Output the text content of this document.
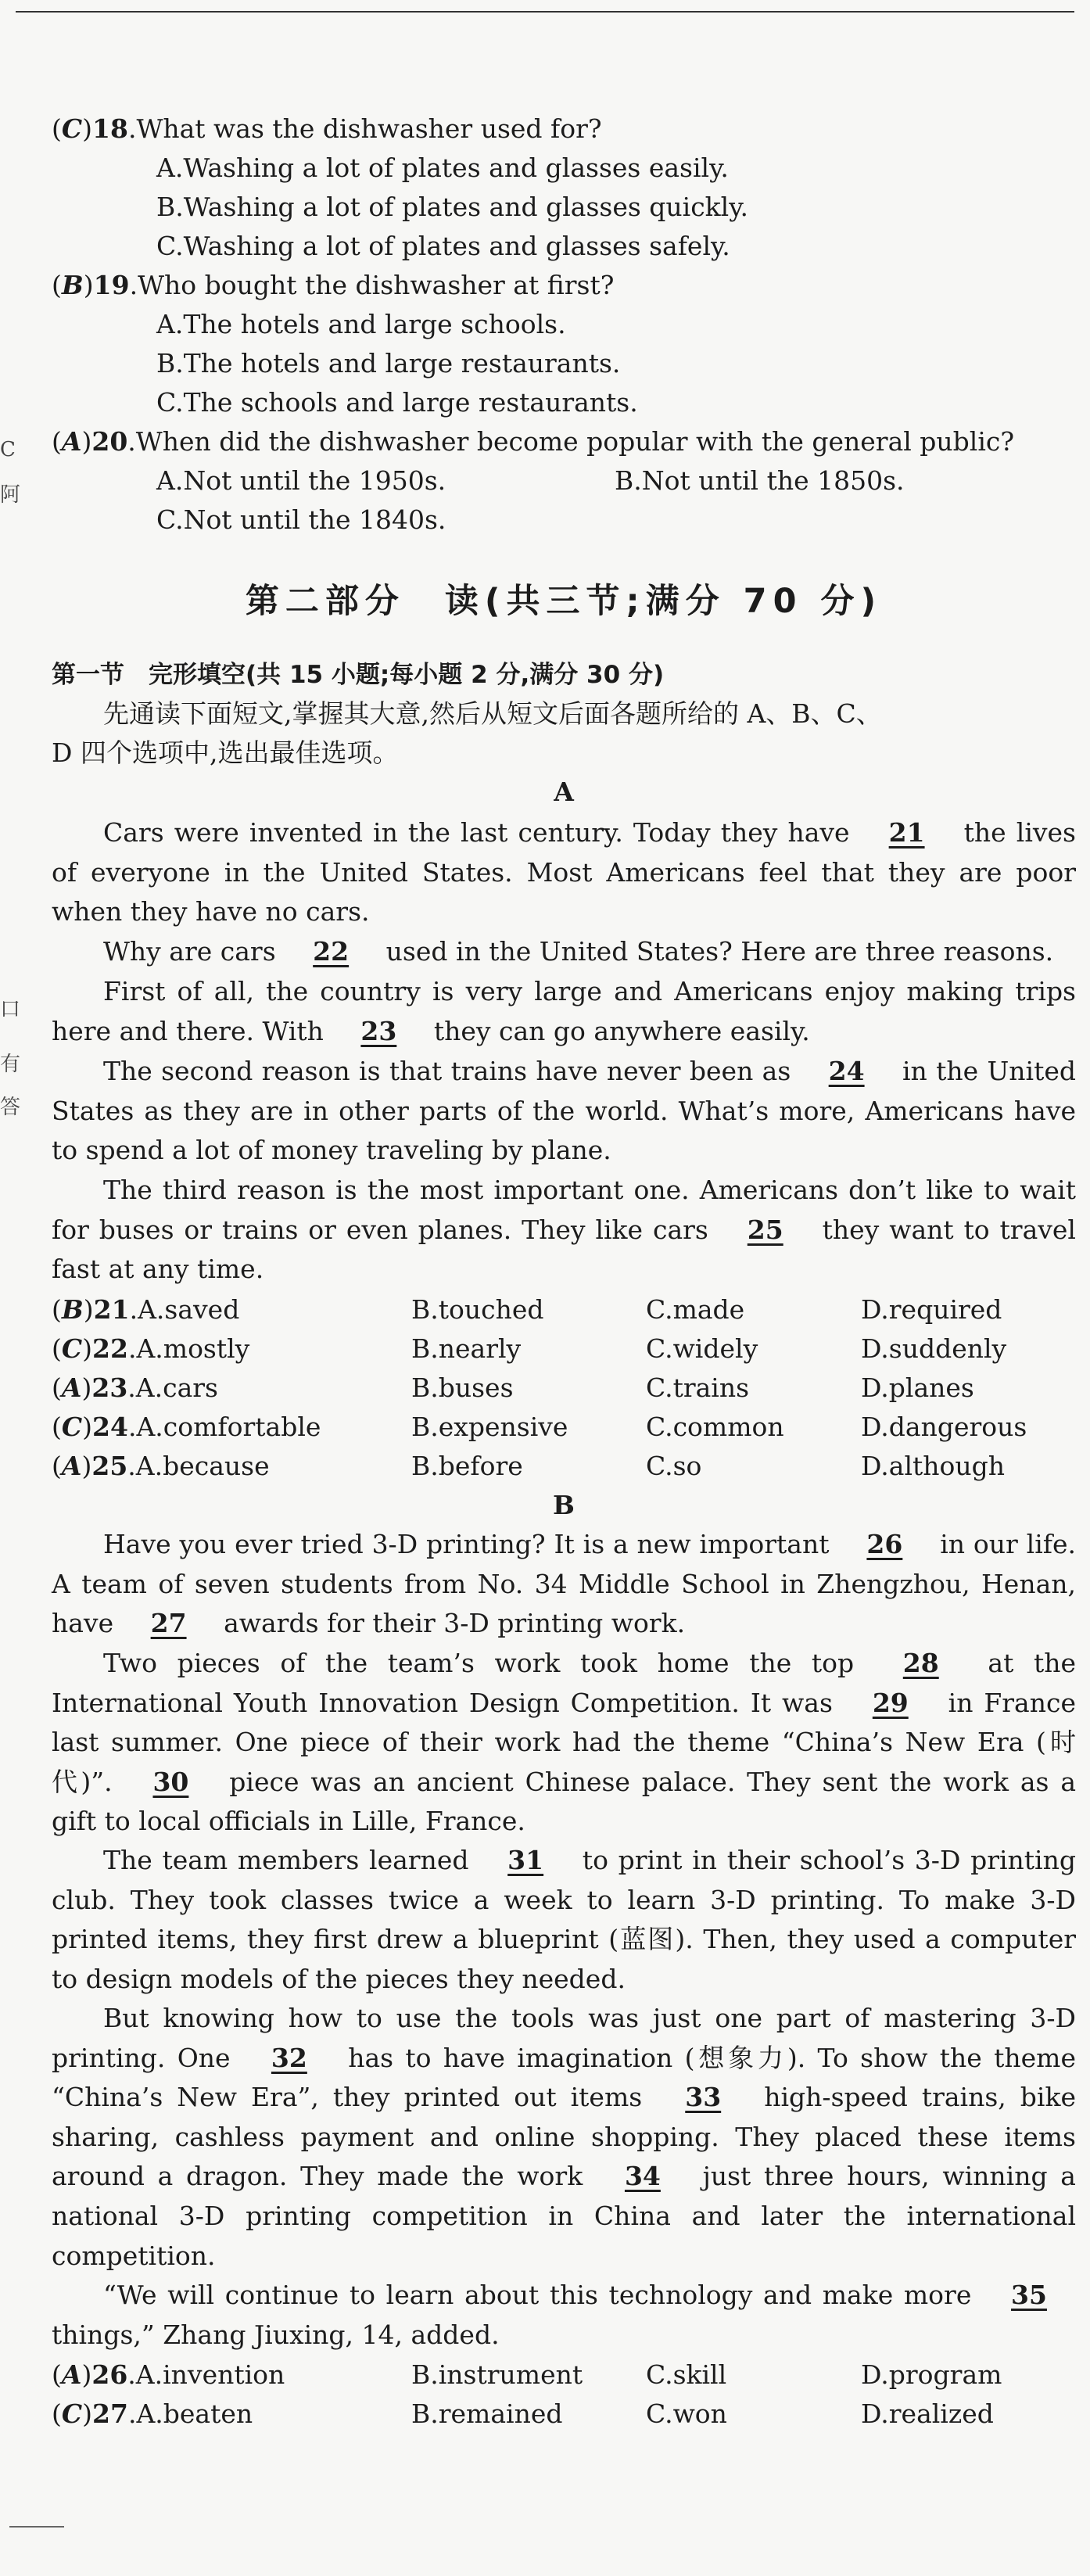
C
阿
口
有
答
(C)18.What was the dishwasher used for?
A.Washing a lot of plates and glasses easily.
B.Washing a lot of plates and glasses quickly.
C.Washing a lot of plates and glasses safely.
(B)19.Who bought the dishwasher at first?
A.The hotels and large schools.
B.The hotels and large restaurants.
C.The schools and large restaurants.
(A)20.When did the dishwasher become popular with the general public?
A.Not until the 1950s.	B.Not until the 1850s.
C.Not until the 1840s.
第二部分　读(共三节;满分 70 分)
第一节　完形填空(共 15 小题;每小题 2 分,满分 30 分)
先通读下面短文,掌握其大意,然后从短文后面各题所给的 A、B、C、
D 四个选项中,选出最佳选项。
A
Cars were invented in the last century. Today they have 21 the lives of everyone in the United States. Most Americans feel that they are poor when they have no cars.
Why are cars 22 used in the United States? Here are three reasons.
First of all, the country is very large and Americans enjoy making trips here and there. With 23 they can go anywhere easily.
The second reason is that trains have never been as 24 in the United States as they are in other parts of the world. What’s more, Americans have to spend a lot of money traveling by plane.
The third reason is the most important one. Americans don’t like to wait for buses or trains or even planes. They like cars 25 they want to travel fast at any time.
(B)21.A.saved	B.touched	C.made	D.required
(C)22.A.mostly	B.nearly	C.widely	D.suddenly
(A)23.A.cars	B.buses	C.trains	D.planes
(C)24.A.comfortable	B.expensive	C.common	D.dangerous
(A)25.A.because	B.before	C.so	D.although
B
Have you ever tried 3-D printing? It is a new important 26 in our life. A team of seven students from No. 34 Middle School in Zhengzhou, Henan, have 27 awards for their 3-D printing work.
Two pieces of the team’s work took home the top 28 at the International Youth Innovation Design Competition. It was 29 in France last summer. One piece of their work had the theme “China’s New Era (时代)”. 30 piece was an ancient Chinese palace. They sent the work as a gift to local officials in Lille, France.
The team members learned 31 to print in their school’s 3-D printing club. They took classes twice a week to learn 3-D printing. To make 3-D printed items, they first drew a blueprint (蓝图). Then, they used a computer to design models of the pieces they needed.
But knowing how to use the tools was just one part of mastering 3-D printing. One 32 has to have imagination (想象力). To show the theme “China’s New Era”, they printed out items 33 high-speed trains, bike sharing, cashless payment and online shopping. They placed these items around a dragon. They made the work 34 just three hours, winning a national 3-D printing competition in China and later the international competition.
“We will continue to learn about this technology and make more 35 things,” Zhang Jiuxing, 14, added.
(A)26.A.invention	B.instrument C.skill	D.program
(C)27.A.beaten	B.remained	C.won	D.realized
